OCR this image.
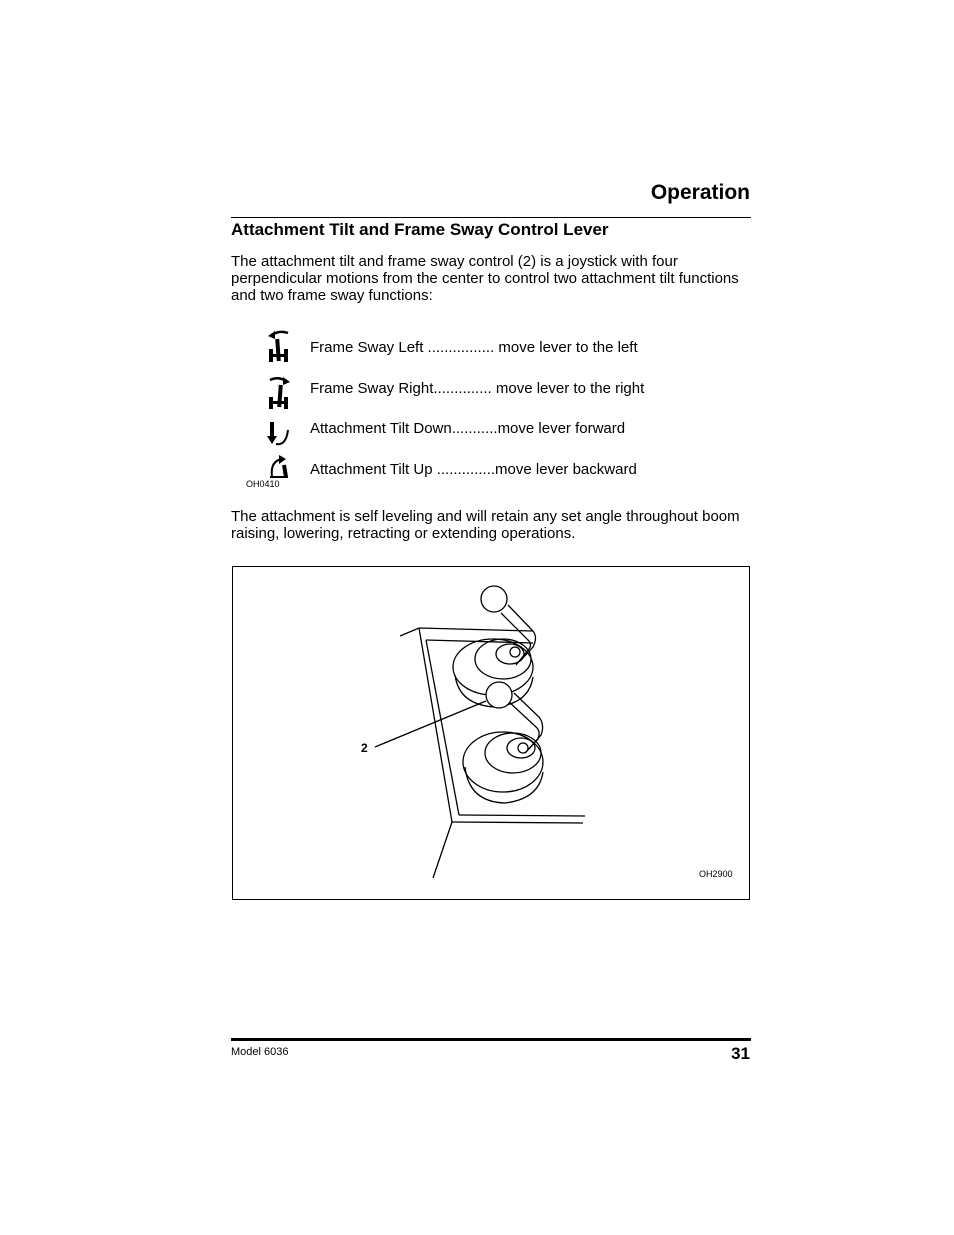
Operation
Attachment Tilt and Frame Sway Control Lever
The attachment tilt and frame sway control (2) is a joystick with four perpendicular motions from the center to control two attachment tilt functions and two frame sway functions:
Frame Sway Left ................ move lever to the left
Frame Sway Right.............. move lever to the right
Attachment Tilt Down...........move lever forward
Attachment Tilt Up ..............move lever backward
OH0410
The attachment is self leveling and will retain any set angle throughout boom raising, lowering, retracting or extending operations.
2
OH2900
Model 6036	31
